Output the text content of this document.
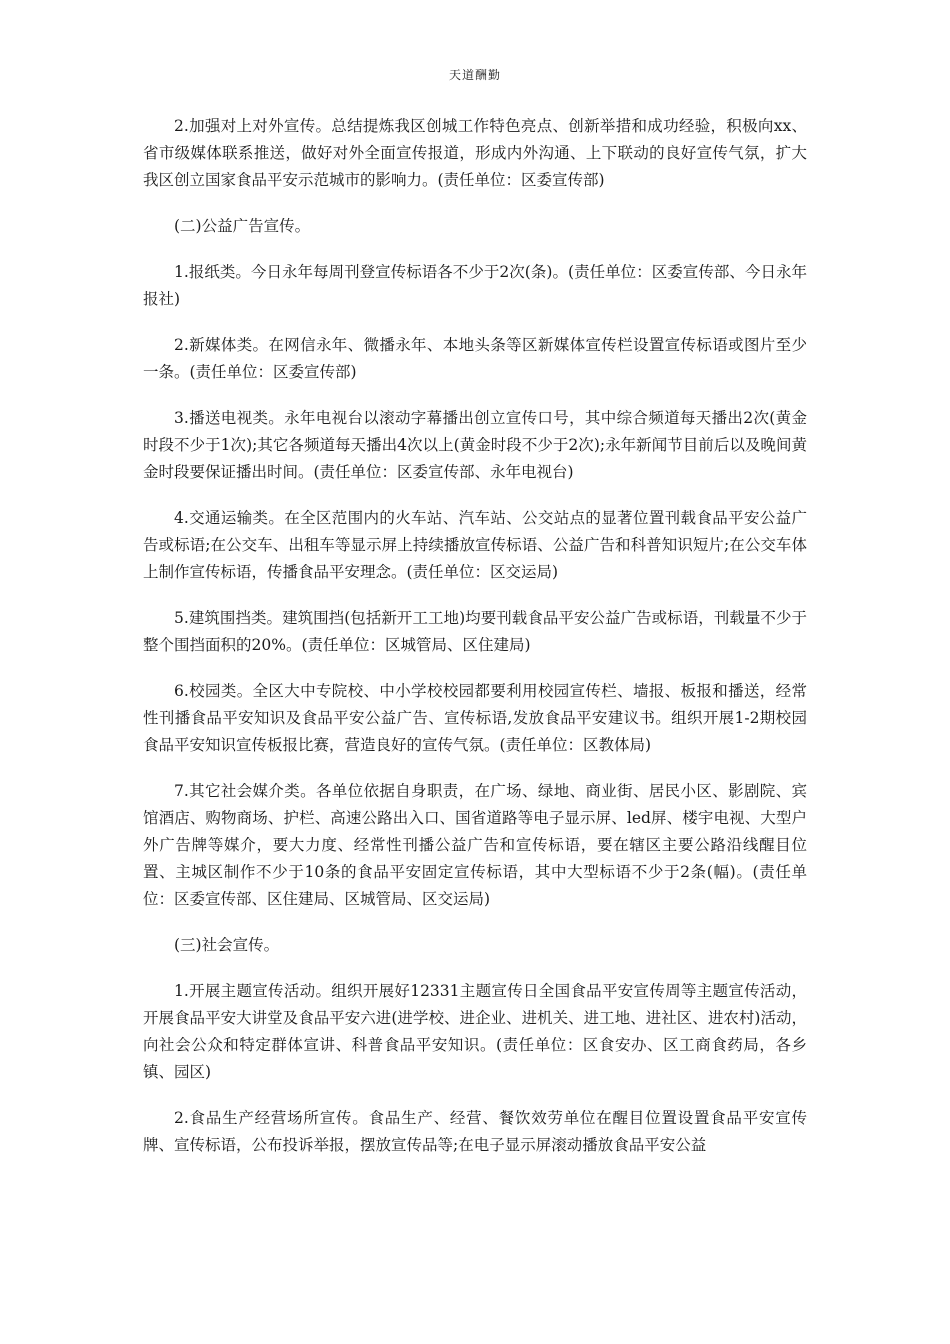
天道酬勤

2.加强对上对外宣传。总结提炼我区创城工作特色亮点、创新举措和成功经验，积极向xx、省市级媒体联系推送，做好对外全面宣传报道，形成内外沟通、上下联动的良好宣传气氛，扩大我区创立国家食品平安示范城市的影响力。(责任单位：区委宣传部)

(二)公益广告宣传。

1.报纸类。今日永年每周刊登宣传标语各不少于2次(条)。(责任单位：区委宣传部、今日永年报社)

2.新媒体类。在网信永年、微播永年、本地头条等区新媒体宣传栏设置宣传标语或图片至少一条。(责任单位：区委宣传部)

3.播送电视类。永年电视台以滚动字幕播出创立宣传口号，其中综合频道每天播出2次(黄金时段不少于1次);其它各频道每天播出4次以上(黄金时段不少于2次);永年新闻节目前后以及晚间黄金时段要保证播出时间。(责任单位：区委宣传部、永年电视台)

4.交通运输类。在全区范围内的火车站、汽车站、公交站点的显著位置刊载食品平安公益广告或标语;在公交车、出租车等显示屏上持续播放宣传标语、公益广告和科普知识短片;在公交车体上制作宣传标语，传播食品平安理念。(责任单位：区交运局)

5.建筑围挡类。建筑围挡(包括新开工工地)均要刊载食品平安公益广告或标语，刊载量不少于整个围挡面积的20%。(责任单位：区城管局、区住建局)

6.校园类。全区大中专院校、中小学校校园都要利用校园宣传栏、墙报、板报和播送，经常性刊播食品平安知识及食品平安公益广告、宣传标语,发放食品平安建议书。组织开展1-2期校园食品平安知识宣传板报比赛，营造良好的宣传气氛。(责任单位：区教体局)

7.其它社会媒介类。各单位依据自身职责，在广场、绿地、商业街、居民小区、影剧院、宾馆酒店、购物商场、护栏、高速公路出入口、国省道路等电子显示屏、led屏、楼宇电视、大型户外广告牌等媒介，要大力度、经常性刊播公益广告和宣传标语，要在辖区主要公路沿线醒目位置、主城区制作不少于10条的食品平安固定宣传标语，其中大型标语不少于2条(幅)。(责任单位：区委宣传部、区住建局、区城管局、区交运局)

(三)社会宣传。

1.开展主题宣传活动。组织开展好12331主题宣传日全国食品平安宣传周等主题宣传活动，开展食品平安大讲堂及食品平安六进(进学校、进企业、进机关、进工地、进社区、进农村)活动，向社会公众和特定群体宣讲、科普食品平安知识。(责任单位：区食安办、区工商食药局，各乡镇、园区)

2.食品生产经营场所宣传。食品生产、经营、餐饮效劳单位在醒目位置设置食品平安宣传牌、宣传标语，公布投诉举报，摆放宣传品等;在电子显示屏滚动播放食品平安公益
